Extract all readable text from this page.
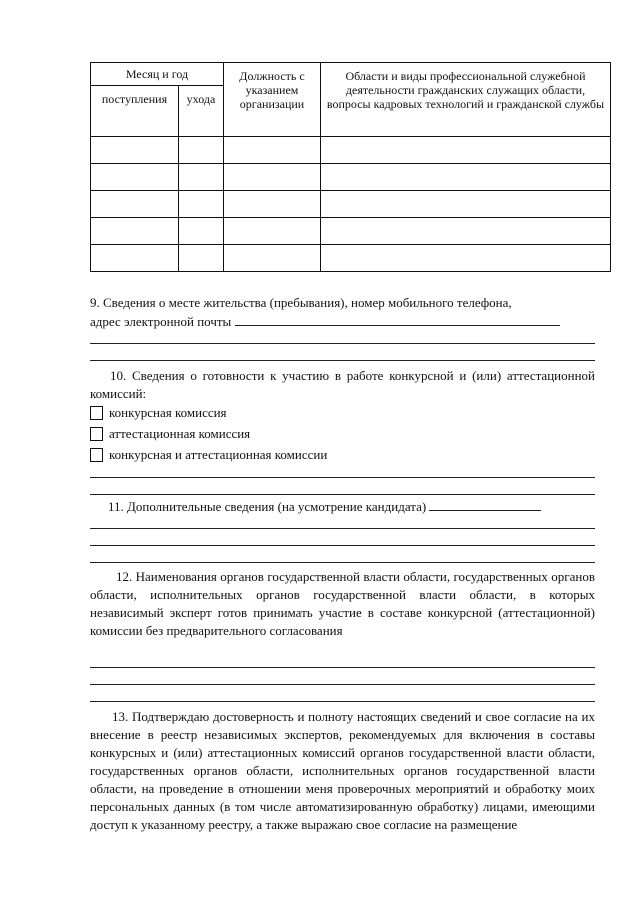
Месяц и год		Должность с указанием организации	Области и виды профессиональной служебной деятельности гражданских служащих области, вопросы кадровых технологий и гражданской службы
поступления	ухода		

9. Сведения о месте жительства (пребывания), номер мобильного телефона,
адрес электронной почты
10. Сведения о готовности к участию в работе конкурсной и (или) аттестационной комиссий:
конкурсная комиссия
аттестационная комиссия
конкурсная и аттестационная комиссии
11. Дополнительные сведения (на усмотрение кандидата)
12. Наименования органов государственной власти области, государственных органов области, исполнительных органов государственной власти области, в которых независимый эксперт готов принимать участие в составе конкурсной (аттестационной) комиссии без предварительного согласования
13. Подтверждаю достоверность и полноту настоящих сведений и свое согласие на их внесение в реестр независимых экспертов, рекомендуемых для включения в составы конкурсных и (или) аттестационных комиссий органов государственной власти области, государственных органов области, исполнительных органов государственной власти области, на проведение в отношении меня проверочных мероприятий и обработку моих персональных данных (в том числе автоматизированную обработку) лицами, имеющими доступ к указанному реестру, а также выражаю свое согласие на размещение
